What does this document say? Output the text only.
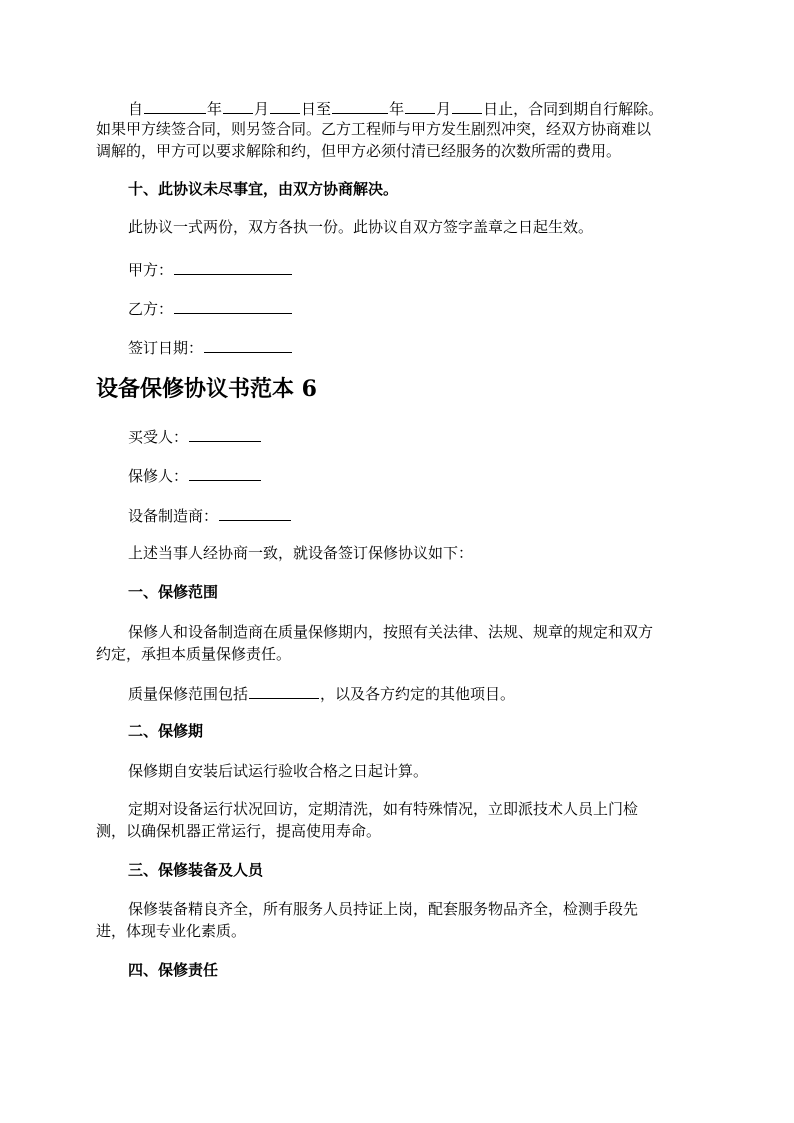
自	年 月 日至	年 月 日止，合同到期自行解除。
如果甲方续签合同，则另签合同。乙方工程师与甲方发生剧烈冲突，经双方协商难以
调解的，甲方可以要求解除和约，但甲方必须付清已经服务的次数所需的费用。
十、此协议未尽事宜，由双方协商解决。
此协议一式两份，双方各执一份。此协议自双方签字盖章之日起生效。
甲方：
乙方：
签订日期：
设备保修协议书范本 6
买受人：
保修人：
设备制造商：
上述当事人经协商一致，就设备签订保修协议如下：
一、保修范围
保修人和设备制造商在质量保修期内，按照有关法律、法规、规章的规定和双方
约定，承担本质量保修责任。
质量保修范围包括	，以及各方约定的其他项目。
二、保修期
保修期自安装后试运行验收合格之日起计算。
定期对设备运行状况回访，定期清洗，如有特殊情况，立即派技术人员上门检
测，以确保机器正常运行，提高使用寿命。
三、保修装备及人员
保修装备精良齐全，所有服务人员持证上岗，配套服务物品齐全，检测手段先
进，体现专业化素质。
四、保修责任
